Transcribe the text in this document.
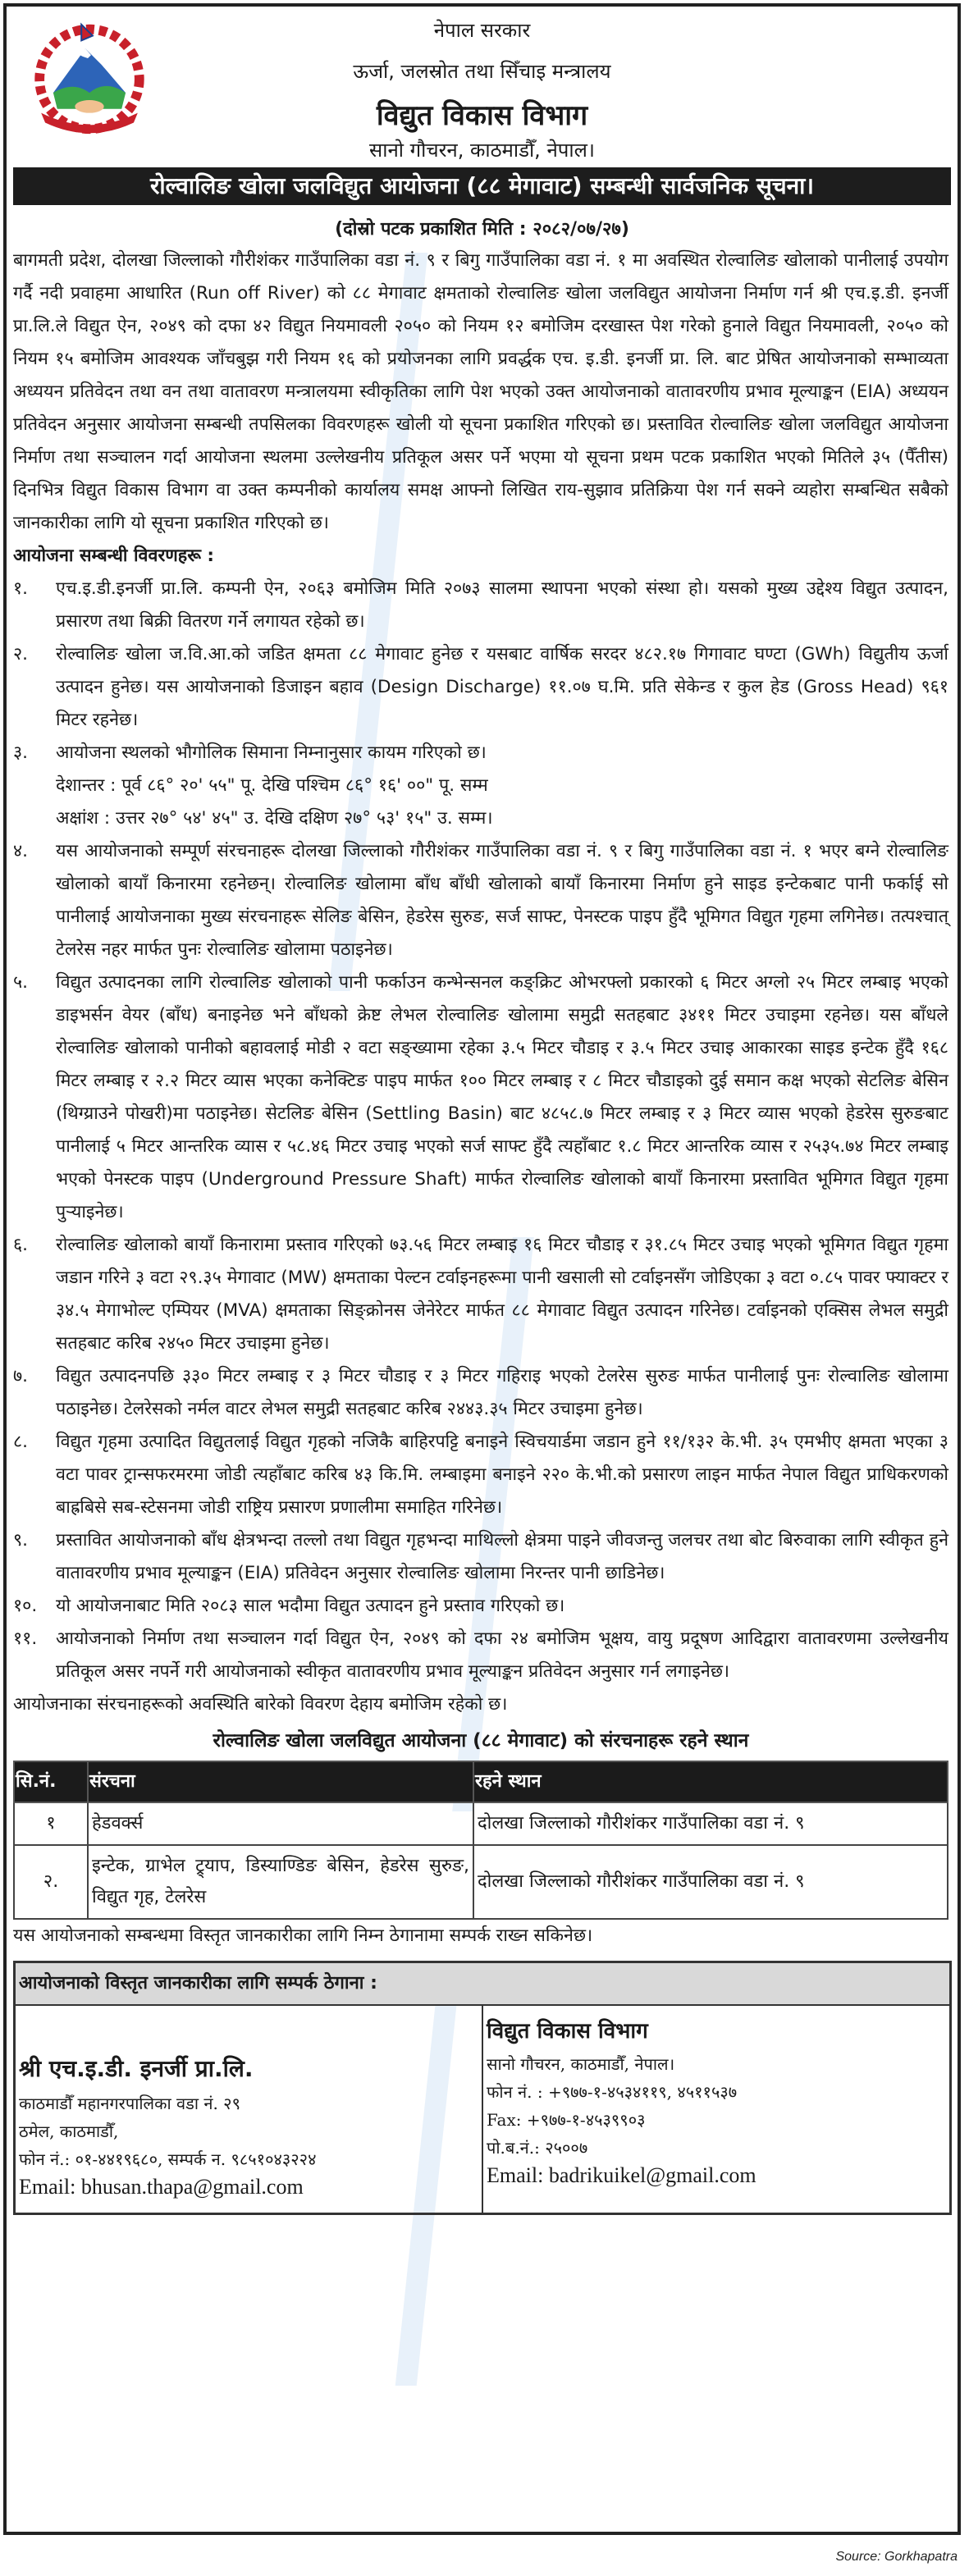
नेपाल सरकार
ऊर्जा, जलस्रोत तथा सिँचाइ मन्त्रालय
विद्युत विकास विभाग
सानो गौचरन, काठमाडौँ, नेपाल।
रोल्वालिङ खोला जलविद्युत आयोजना (८८ मेगावाट) सम्बन्धी सार्वजनिक सूचना।
(दोस्रो पटक प्रकाशित मिति : २०८२/०७/२७)

बागमती प्रदेश, दोलखा जिल्लाको गौरीशंकर गाउँपालिका वडा नं. ९ र बिगु गाउँपालिका वडा नं. १ मा अवस्थित रोल्वालिङ खोलाको पानीलाई उपयोग गर्दै नदी प्रवाहमा आधारित (Run off River) को ८८ मेगावाट क्षमताको रोल्वालिङ खोला जलविद्युत आयोजना निर्माण गर्न श्री एच.इ.डी. इनर्जी प्रा.लि.ले विद्युत ऐन, २०४९ को दफा ४२ विद्युत नियमावली २०५० को नियम १२ बमोजिम दरखास्त पेश गरेको हुनाले विद्युत नियमावली, २०५० को नियम १५ बमोजिम आवश्यक जाँचबुझ गरी नियम १६ को प्रयोजनका लागि प्रवर्द्धक एच. इ.डी. इनर्जी प्रा. लि. बाट प्रेषित आयोजनाको सम्भाव्यता अध्ययन प्रतिवेदन तथा वन तथा वातावरण मन्त्रालयमा स्वीकृतिका लागि पेश भएको उक्त आयोजनाको वातावरणीय प्रभाव मूल्याङ्कन (EIA) अध्ययन प्रतिवेदन अनुसार आयोजना सम्बन्धी तपसिलका विवरणहरू खोली यो सूचना प्रकाशित गरिएको छ। प्रस्तावित रोल्वालिङ खोला जलविद्युत आयोजना निर्माण तथा सञ्चालन गर्दा आयोजना स्थलमा उल्लेखनीय प्रतिकूल असर पर्ने भएमा यो सूचना प्रथम पटक प्रकाशित भएको मितिले ३५ (पैँतीस) दिनभित्र विद्युत विकास विभाग वा उक्त कम्पनीको कार्यालय समक्ष आफ्नो लिखित राय-सुझाव प्रतिक्रिया पेश गर्न सक्ने व्यहोरा सम्बन्धित सबैको जानकारीका लागि यो सूचना प्रकाशित गरिएको छ।

आयोजना सम्बन्धी विवरणहरू :

१.	एच.इ.डी.इनर्जी प्रा.लि. कम्पनी ऐन, २०६३ बमोजिम मिति २०७३ सालमा स्थापना भएको संस्था हो। यसको मुख्य उद्देश्य विद्युत उत्पादन, प्रसारण तथा बिक्री वितरण गर्ने लगायत रहेको छ।
२.	रोल्वालिङ खोला ज.वि.आ.को जडित क्षमता ८८ मेगावाट हुनेछ र यसबाट वार्षिक सरदर ४८२.१७ गिगावाट घण्टा (GWh) विद्युतीय ऊर्जा उत्पादन हुनेछ। यस आयोजनाको डिजाइन बहाव (Design Discharge) ११.०७ घ.मि. प्रति सेकेन्ड र कुल हेड (Gross Head) ९६१ मिटर रहनेछ।
३.	आयोजना स्थलको भौगोलिक सिमाना निम्नानुसार कायम गरिएको छ।
देशान्तर : पूर्व ८६° २०' ५५" पू. देखि पश्चिम ८६° १६' ००" पू. सम्म
अक्षांश : उत्तर २७° ५४' ४५" उ. देखि दक्षिण २७° ५३' १५" उ. सम्म।
४.	यस आयोजनाको सम्पूर्ण संरचनाहरू दोलखा जिल्लाको गौरीशंकर गाउँपालिका वडा नं. ९ र बिगु गाउँपालिका वडा नं. १ भएर बग्ने रोल्वालिङ खोलाको बायाँ किनारमा रहनेछन्। रोल्वालिङ खोलामा बाँध बाँधी खोलाको बायाँ किनारमा निर्माण हुने साइड इन्टेकबाट पानी फर्काई सो पानीलाई आयोजनाका मुख्य संरचनाहरू सेलिङ बेसिन, हेडरेस सुरुङ, सर्ज साफ्ट, पेनस्टक पाइप हुँदै भूमिगत विद्युत गृहमा लगिनेछ। तत्पश्चात् टेलरेस नहर मार्फत पुनः रोल्वालिङ खोलामा पठाइनेछ।
५.	विद्युत उत्पादनका लागि रोल्वालिङ खोलाको पानी फर्काउन कन्भेन्सनल कङ्क्रिट ओभरफ्लो प्रकारको ६ मिटर अग्लो २५ मिटर लम्बाइ भएको डाइभर्सन वेयर (बाँध) बनाइनेछ भने बाँधको क्रेष्ट लेभल रोल्वालिङ खोलामा समुद्री सतहबाट ३४११ मिटर उचाइमा रहनेछ। यस बाँधले रोल्वालिङ खोलाको पानीको बहावलाई मोडी २ वटा सङ्ख्यामा रहेका ३.५ मिटर चौडाइ र ३.५ मिटर उचाइ आकारका साइड इन्टेक हुँदै १६८ मिटर लम्बाइ र २.२ मिटर व्यास भएका कनेक्टिङ पाइप मार्फत १०० मिटर लम्बाइ र ८ मिटर चौडाइको दुई समान कक्ष भएको सेटलिङ बेसिन (थिग्य्राउने पोखरी)मा पठाइनेछ। सेटलिङ बेसिन (Settling Basin) बाट ४८५८.७ मिटर लम्बाइ र ३ मिटर व्यास भएको हेडरेस सुरुङबाट पानीलाई ५ मिटर आन्तरिक व्यास र ५८.४६ मिटर उचाइ भएको सर्ज साफ्ट हुँदै त्यहाँबाट १.८ मिटर आन्तरिक व्यास र २५३५.७४ मिटर लम्बाइ भएको पेनस्टक पाइप (Underground Pressure Shaft) मार्फत रोल्वालिङ खोलाको बायाँ किनारमा प्रस्तावित भूमिगत विद्युत गृहमा पुर्‍याइनेछ।
६.	रोल्वालिङ खोलाको बायाँ किनारामा प्रस्ताव गरिएको ७३.५६ मिटर लम्बाइ १६ मिटर चौडाइ र ३१.८५ मिटर उचाइ भएको भूमिगत विद्युत गृहमा जडान गरिने ३ वटा २९.३५ मेगावाट (MW) क्षमताका पेल्टन टर्वाइनहरूमा पानी खसाली सो टर्वाइनसँग जोडिएका ३ वटा ०.८५ पावर फ्याक्टर र ३४.५ मेगाभोल्ट एम्पियर (MVA) क्षमताका सिङ्क्रोनस जेनेरेटर मार्फत ८८ मेगावाट विद्युत उत्पादन गरिनेछ। टर्वाइनको एक्सिस लेभल समुद्री सतहबाट करिब २४५० मिटर उचाइमा हुनेछ।
७.	विद्युत उत्पादनपछि ३३० मिटर लम्बाइ र ३ मिटर चौडाइ र ३ मिटर गहिराइ भएको टेलरेस सुरुङ मार्फत पानीलाई पुनः रोल्वालिङ खोलामा पठाइनेछ। टेलरेसको नर्मल वाटर लेभल समुद्री सतहबाट करिब २४४३.३५ मिटर उचाइमा हुनेछ।
८.	विद्युत गृहमा उत्पादित विद्युतलाई विद्युत गृहको नजिकै बाहिरपट्टि बनाइने स्विचयार्डमा जडान हुने ११/१३२ के.भी. ३५ एमभीए क्षमता भएका ३ वटा पावर ट्रान्सफरमरमा जोडी त्यहाँबाट करिब ४३ कि.मि. लम्बाइमा बनाइने २२० के.भी.को प्रसारण लाइन मार्फत नेपाल विद्युत प्राधिकरणको बाह्रबिसे सब-स्टेसनमा जोडी राष्ट्रिय प्रसारण प्रणालीमा समाहित गरिनेछ।
९.	प्रस्तावित आयोजनाको बाँध क्षेत्रभन्दा तल्लो तथा विद्युत गृहभन्दा माथिल्लो क्षेत्रमा पाइने जीवजन्तु जलचर तथा बोट बिरुवाका लागि स्वीकृत हुने वातावरणीय प्रभाव मूल्याङ्कन (EIA) प्रतिवेदन अनुसार रोल्वालिङ खोलामा निरन्तर पानी छाडिनेछ।
१०.	यो आयोजनाबाट मिति २०८३ साल भदौमा विद्युत उत्पादन हुने प्रस्ताव गरिएको छ।
११.	आयोजनाको निर्माण तथा सञ्चालन गर्दा विद्युत ऐन, २०४९ को दफा २४ बमोजिम भूक्षय, वायु प्रदूषण आदिद्वारा वातावरणमा उल्लेखनीय प्रतिकूल असर नपर्ने गरी आयोजनाको स्वीकृत वातावरणीय प्रभाव मूल्याङ्कन प्रतिवेदन अनुसार गर्न लगाइनेछ।

आयोजनाका संरचनाहरूको अवस्थिति बारेको विवरण देहाय बमोजिम रहेको छ।

रोल्वालिङ खोला जलविद्युत आयोजना (८८ मेगावाट) को संरचनाहरू रहने स्थान
सि.नं.	संरचना	रहने स्थान
१	हेडवर्क्स	दोलखा जिल्लाको गौरीशंकर गाउँपालिका वडा नं. ९
२.	इन्टेक, ग्राभेल ट्र्याप, डिस्याण्डिङ बेसिन, हेडरेस सुरुङ, विद्युत गृह, टेलरेस	दोलखा जिल्लाको गौरीशंकर गाउँपालिका वडा नं. ९

यस आयोजनाको सम्बन्धमा विस्तृत जानकारीका लागि निम्न ठेगानामा सम्पर्क राख्न सकिनेछ।

आयोजनाको विस्तृत जानकारीका लागि सम्पर्क ठेगाना :
श्री एच.इ.डी. इनर्जी प्रा.लि.
काठमाडौँ महानगरपालिका वडा नं. २९
ठमेल, काठमाडौँ,
फोन नं.: ०१-४४१९६८०, सम्पर्क न. ९८५१०४३२२४
Email: bhusan.thapa@gmail.com
विद्युत विकास विभाग
सानो गौचरन, काठमाडौँ, नेपाल।
फोन नं. : +९७७-१-४५३४११९, ४५११५३७
Fax: +९७७-१-४५३९९०३
पो.ब.नं.: २५००७
Email: badrikuikel@gmail.com
Source: Gorkhapatra
